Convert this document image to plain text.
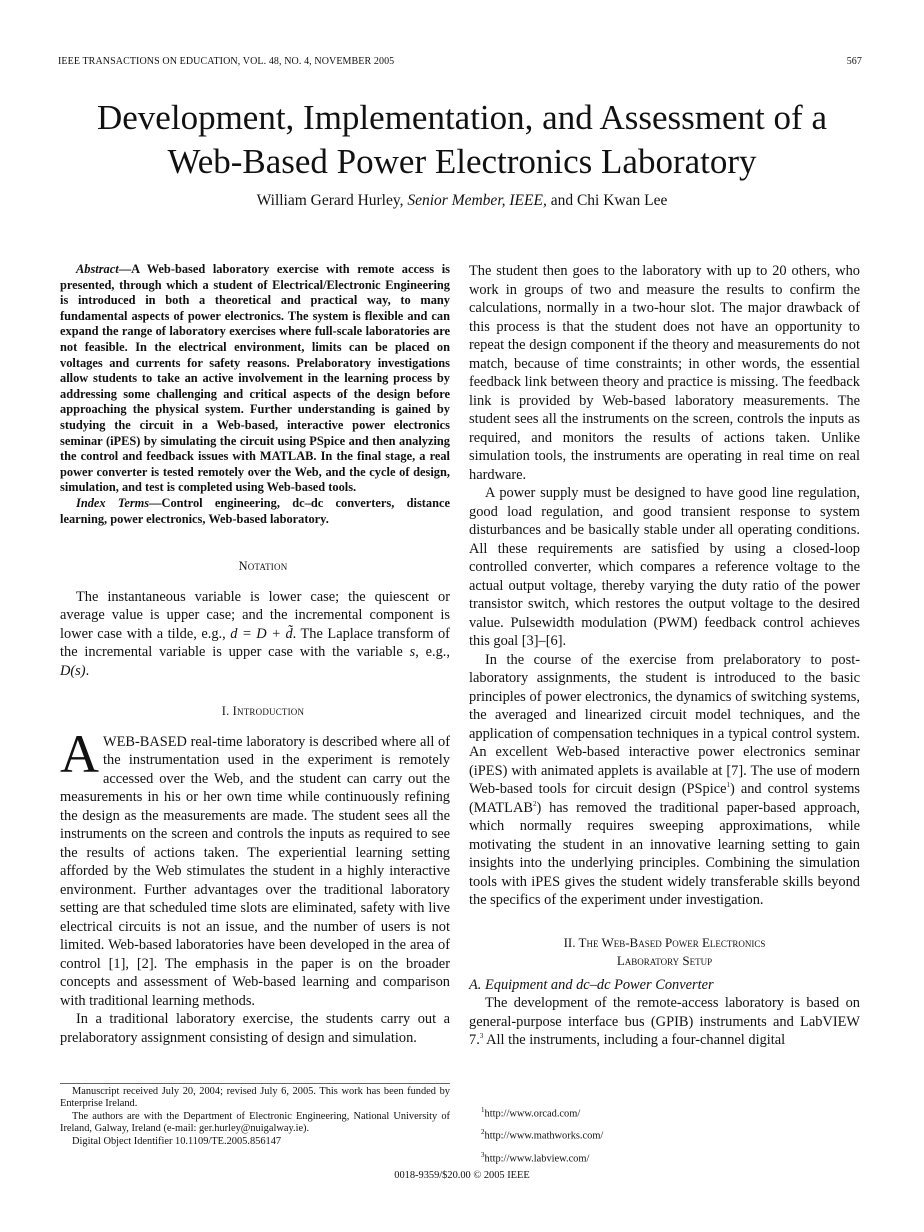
IEEE TRANSACTIONS ON EDUCATION, VOL. 48, NO. 4, NOVEMBER 2005	567
Development, Implementation, and Assessment of a
Web-Based Power Electronics Laboratory
William Gerard Hurley, Senior Member, IEEE, and Chi Kwan Lee

Abstract—A Web-based laboratory exercise with remote access is presented, through which a student of Electrical/Electronic Engineering is introduced in both a theoretical and practical way, to many fundamental aspects of power electronics. The system is flexible and can expand the range of laboratory exercises where full-scale laboratories are not feasible. In the electrical environment, limits can be placed on voltages and currents for safety reasons. Prelaboratory investigations allow students to take an active involvement in the learning process by addressing some challenging and critical aspects of the design before approaching the physical system. Further understanding is gained by studying the circuit in a Web-based, interactive power electronics seminar (iPES) by simulating the circuit using PSpice and then analyzing the control and feedback issues with MATLAB. In the final stage, a real power converter is tested remotely over the Web, and the cycle of design, simulation, and test is completed using Web-based tools.

Index Terms—Control engineering, dc–dc converters, distance learning, power electronics, Web-based laboratory.

Notation

The instantaneous variable is lower case; the quiescent or average value is upper case; and the incremental component is lower case with a tilde, e.g., d = D + d̃. The Laplace transform of the incremental variable is upper case with the variable s, e.g., D(s).

I. Introduction

AWEB-BASED real-time laboratory is described where all of the instrumentation used in the experiment is remotely accessed over the Web, and the student can carry out the measurements in his or her own time while continuously refining the design as the measurements are made. The student sees all the instruments on the screen and controls the inputs as required to see the results of actions taken. The experiential learning setting afforded by the Web stimulates the student in a highly interactive environment. Further advantages over the traditional laboratory setting are that scheduled time slots are eliminated, safety with live electrical circuits is not an issue, and the number of users is not limited. Web-based laboratories have been developed in the area of control [1], [2]. The emphasis in the paper is on the broader concepts and assessment of Web-based learning and comparison with traditional learning methods.

In a traditional laboratory exercise, the students carry out a prelaboratory assignment consisting of design and simulation.

The student then goes to the laboratory with up to 20 others, who work in groups of two and measure the results to confirm the calculations, normally in a two-hour slot. The major drawback of this process is that the student does not have an opportunity to repeat the design component if the theory and measurements do not match, because of time constraints; in other words, the essential feedback link between theory and practice is missing. The feedback link is provided by Web-based laboratory measurements. The student sees all the instruments on the screen, controls the inputs as required, and monitors the results of actions taken. Unlike simulation tools, the instruments are operating in real time on real hardware.

A power supply must be designed to have good line regulation, good load regulation, and good transient response to system disturbances and be basically stable under all operating conditions. All these requirements are satisfied by using a closed-loop controlled converter, which compares a reference voltage to the actual output voltage, thereby varying the duty ratio of the power transistor switch, which restores the output voltage to the desired value. Pulsewidth modulation (PWM) feedback control achieves this goal [3]–[6].

In the course of the exercise from prelaboratory to post-laboratory assignments, the student is introduced to the basic principles of power electronics, the dynamics of switching systems, the averaged and linearized circuit model techniques, and the application of compensation techniques in a typical control system. An excellent Web-based interactive power electronics seminar (iPES) with animated applets is available at [7]. The use of modern Web-based tools for circuit design (PSpice$^1$) and control systems (MATLAB$^2$) has removed the traditional paper-based approach, which normally requires sweeping approximations, while motivating the student in an innovative learning setting to gain insights into the underlying principles. Combining the simulation tools with iPES gives the student widely transferable skills beyond the specifics of the experiment under investigation.

II. The Web-Based Power Electronics
Laboratory Setup

A. Equipment and dc–dc Power Converter

The development of the remote-access laboratory is based on general-purpose interface bus (GPIB) instruments and LabVIEW 7.$^3$ All the instruments, including a four-channel digital

Manuscript received July 20, 2004; revised July 6, 2005. This work has been funded by Enterprise Ireland.

The authors are with the Department of Electronic Engineering, National University of Ireland, Galway, Ireland (e-mail: ger.hurley@nuigalway.ie).

Digital Object Identifier 10.1109/TE.2005.856147

$^1$http://www.orcad.com/

$^2$http://www.mathworks.com/

$^3$http://www.labview.com/

0018-9359/$20.00 © 2005 IEEE
